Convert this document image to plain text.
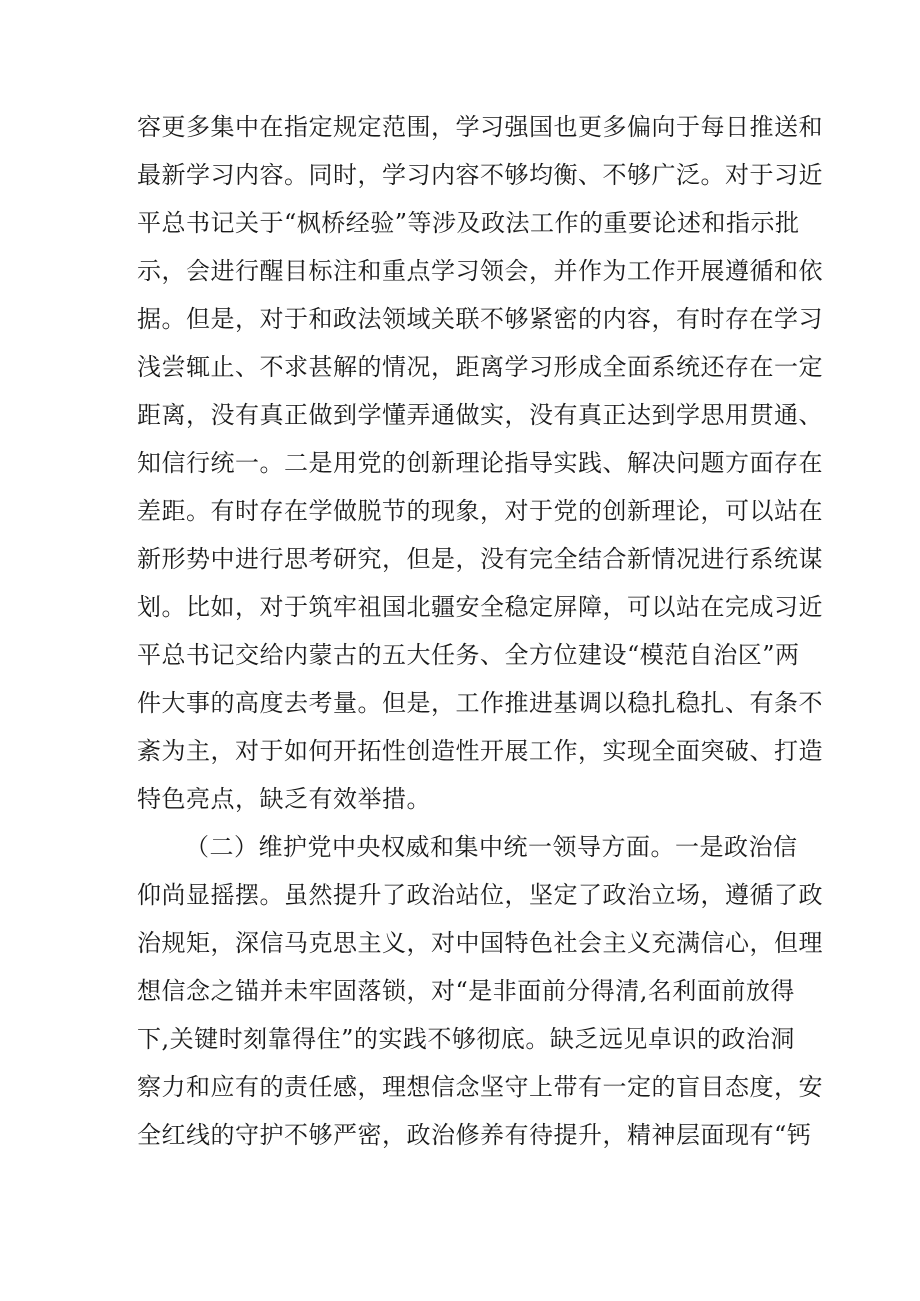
容更多集中在指定规定范围，学习强国也更多偏向于每日推送和
最新学习内容。同时，学习内容不够均衡、不够广泛。对于习近
平总书记关于“枫桥经验”等涉及政法工作的重要论述和指示批
示，会进行醒目标注和重点学习领会，并作为工作开展遵循和依
据。但是，对于和政法领域关联不够紧密的内容，有时存在学习
浅尝辄止、不求甚解的情况，距离学习形成全面系统还存在一定
距离，没有真正做到学懂弄通做实，没有真正达到学思用贯通、
知信行统一。二是用党的创新理论指导实践、解决问题方面存在
差距。有时存在学做脱节的现象，对于党的创新理论，可以站在
新形势中进行思考研究，但是，没有完全结合新情况进行系统谋
划。比如，对于筑牢祖国北疆安全稳定屏障，可以站在完成习近
平总书记交给内蒙古的五大任务、全方位建设“模范自治区”两
件大事的高度去考量。但是，工作推进基调以稳扎稳扎、有条不
紊为主，对于如何开拓性创造性开展工作，实现全面突破、打造
特色亮点，缺乏有效举措。
（二）维护党中央权威和集中统一领导方面。一是政治信
仰尚显摇摆。虽然提升了政治站位，坚定了政治立场，遵循了政
治规矩，深信马克思主义，对中国特色社会主义充满信心，但理
想信念之锚并未牢固落锁，对“是非面前分得清,名利面前放得
下,关键时刻靠得住”的实践不够彻底。缺乏远见卓识的政治洞
察力和应有的责任感，理想信念坚守上带有一定的盲目态度，安
全红线的守护不够严密，政治修养有待提升，精神层面现有“钙
